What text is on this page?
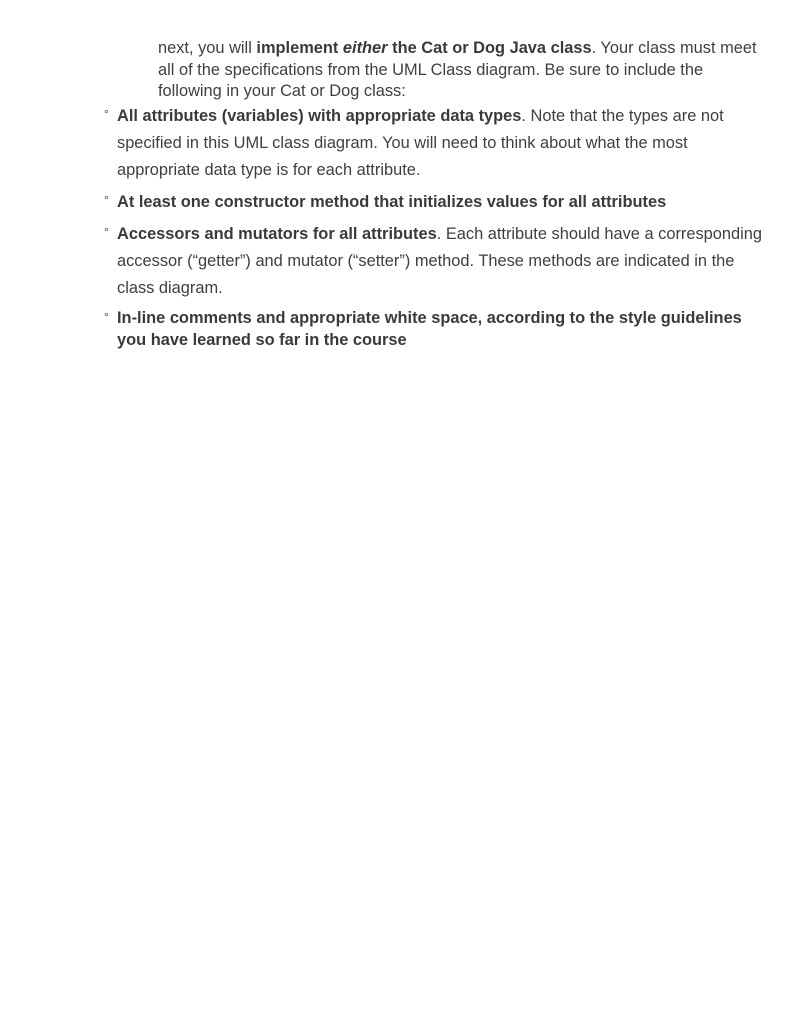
next, you will implement either the Cat or Dog Java class. Your class must meet all of the specifications from the UML Class diagram. Be sure to include the following in your Cat or Dog class:

° All attributes (variables) with appropriate data types. Note that the types are not specified in this UML class diagram. You will need to think about what the most appropriate data type is for each attribute.
° At least one constructor method that initializes values for all attributes
° Accessors and mutators for all attributes. Each attribute should have a corresponding accessor (“getter”) and mutator (“setter”) method. These methods are indicated in the class diagram.
° In-line comments and appropriate white space, according to the style guidelines you have learned so far in the course
